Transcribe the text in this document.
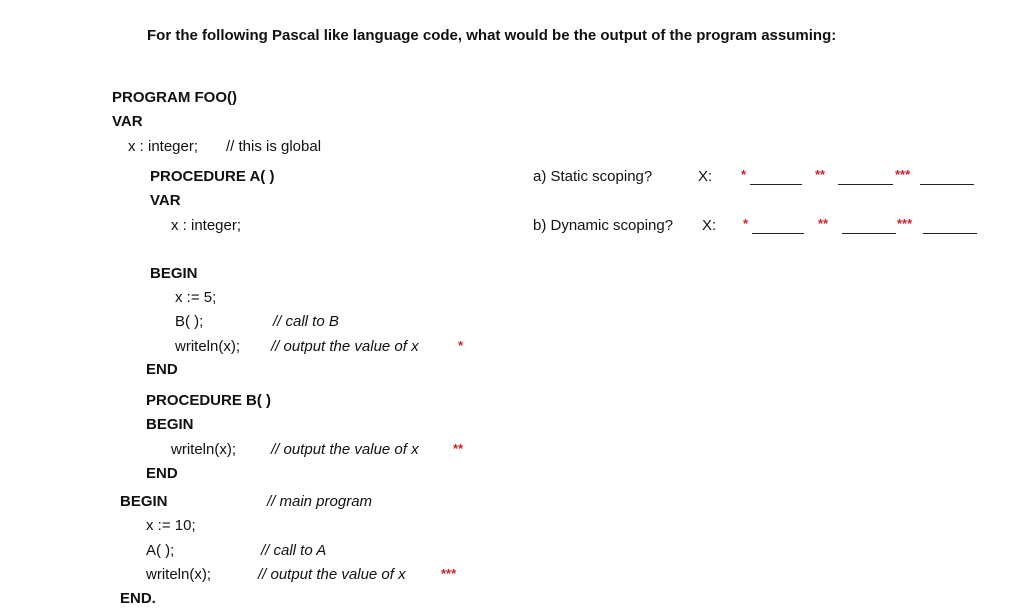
For the following Pascal like language code, what would be the output of the program assuming:
PROGRAM FOO()
VAR
x : integer; // this is global
PROCEDURE A( )
VAR
x : integer;
BEGIN
x := 5;
B( );	// call to B
writeln(x); // output the value of x	*
END
PROCEDURE B( )
BEGIN
writeln(x); // output the value of x	**
END
BEGIN	// main program
x := 10;
A( );	// call to A
writeln(x);	// output the value of x	***
END.
a) Static scoping?	X: *	**	***
b) Dynamic scoping? X: *	**	***
